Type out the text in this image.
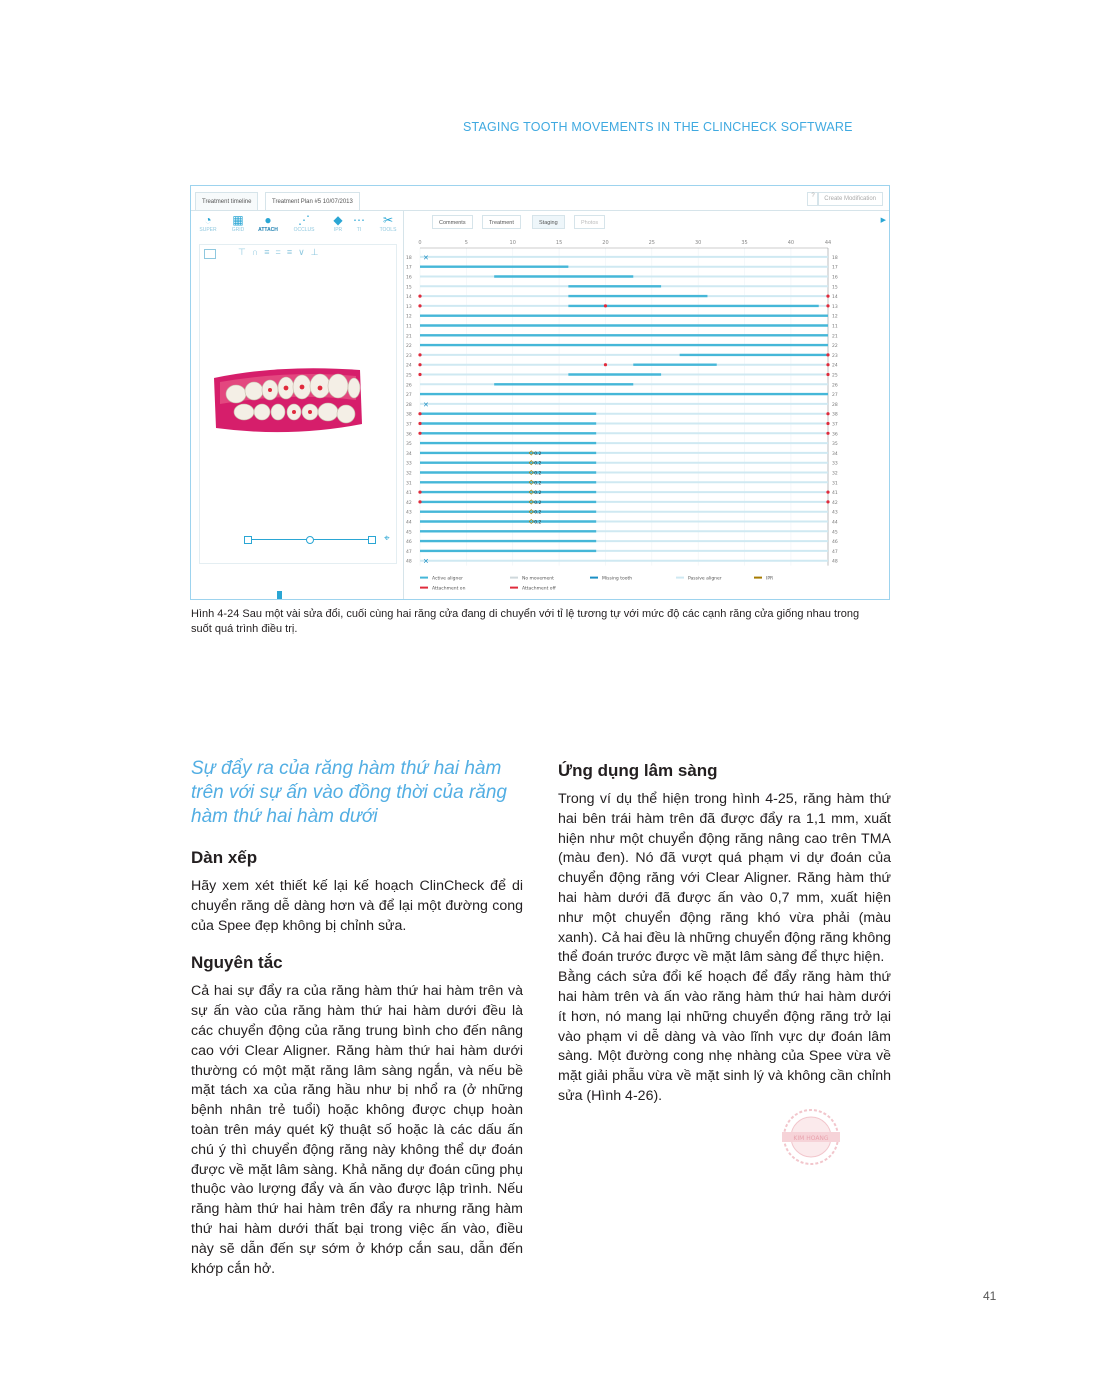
STAGING TOOTH MOVEMENTS IN THE CLINCHECK SOFTWARE
Treatment timeline	Treatment Plan #5 10/07/2013
?	Create Modification
◔
SUPER
▦
GRID
●
ATTACH
⋰
OCCLUS
◆
IPR
⋯
TI
✂
TOOLS
⊤∩≡=≡∨⊥
⌖
Comments	Treatment	Staging	Photos	▶
0	5	10	15	20	25	30	35	40	44
18	18
✕
17	17
16	16
15	15
14	14
13	13
12	12
11	11
21	21
22	22
23	23
24	24
25	25
26	26
27	27
28	28
✕
38	38
37	37
36	36
35	35
34	34
0.2
33	33
0.2
32	32
0.2
31	31
0.2
41	41
0.2
42	42
0.2
43	43
0.2
44	44
0.2
45	45
46	46
47	47
48	48
✕
Active aligner	No movement	Missing tooth	Passive aligner	IPR
Attachment on	Attachment off
Hình 4-24 Sau một vài sửa đổi, cuối cùng hai răng cửa đang di chuyển với tỉ lệ tương tự với mức độ các cạnh răng cửa giống nhau trong suốt quá trình điều trị.
Sự đẩy ra của răng hàm thứ hai hàm trên với sự ấn vào đồng thời của răng hàm thứ hai hàm dưới
Dàn xếp
Hãy xem xét thiết kế lại kế hoạch ClinCheck để di chuyển răng dễ dàng hơn và để lại một đường cong của Spee đẹp không bị chỉnh sửa.
Nguyên tắc
Cả hai sự đẩy ra của răng hàm thứ hai hàm trên và sự ấn vào của răng hàm thứ hai hàm dưới đều là các chuyển động của răng trung bình cho đến nâng cao với Clear Aligner. Răng hàm thứ hai hàm dưới thường có một mặt răng lâm sàng ngắn, và nếu bề mặt tách xa của răng hầu như bị nhổ ra (ở những bệnh nhân trẻ tuổi) hoặc không được chụp hoàn toàn trên máy quét kỹ thuật số hoặc là các dấu ấn chú ý thì chuyển động răng này không thể dự đoán được về mặt lâm sàng. Khả năng dự đoán cũng phụ thuộc vào lượng đẩy và ấn vào được lập trình. Nếu răng hàm thứ hai hàm trên đẩy ra nhưng răng hàm thứ hai hàm dưới thất bại trong việc ấn vào, điều này sẽ dẫn đến sự sớm ở khớp cắn sau, dẫn đến khớp cắn hở.
Ứng dụng lâm sàng
Trong ví dụ thể hiện trong hình 4-25, răng hàm thứ hai bên trái hàm trên đã được đẩy ra 1,1 mm, xuất hiện như một chuyển động răng nâng cao trên TMA (màu đen). Nó đã vượt quá phạm vi dự đoán của chuyển động răng với Clear Aligner. Răng hàm thứ hai hàm dưới đã được ấn vào 0,7 mm, xuất hiện như một chuyển động răng khó vừa phải (màu xanh). Cả hai đều là những chuyển động răng không thể đoán trước được về mặt lâm sàng để thực hiện.
Bằng cách sửa đổi kế hoạch để đẩy răng hàm thứ hai hàm trên và ấn vào răng hàm thứ hai hàm dưới ít hơn, nó mang lại những chuyển động răng trở lại vào phạm vi dễ dàng và vào lĩnh vực dự đoán lâm sàng. Một đường cong nhẹ nhàng của Spee vừa về mặt giải phẫu vừa về mặt sinh lý và không cần chỉnh sửa (Hình 4-26).
KIM HOANG
41
